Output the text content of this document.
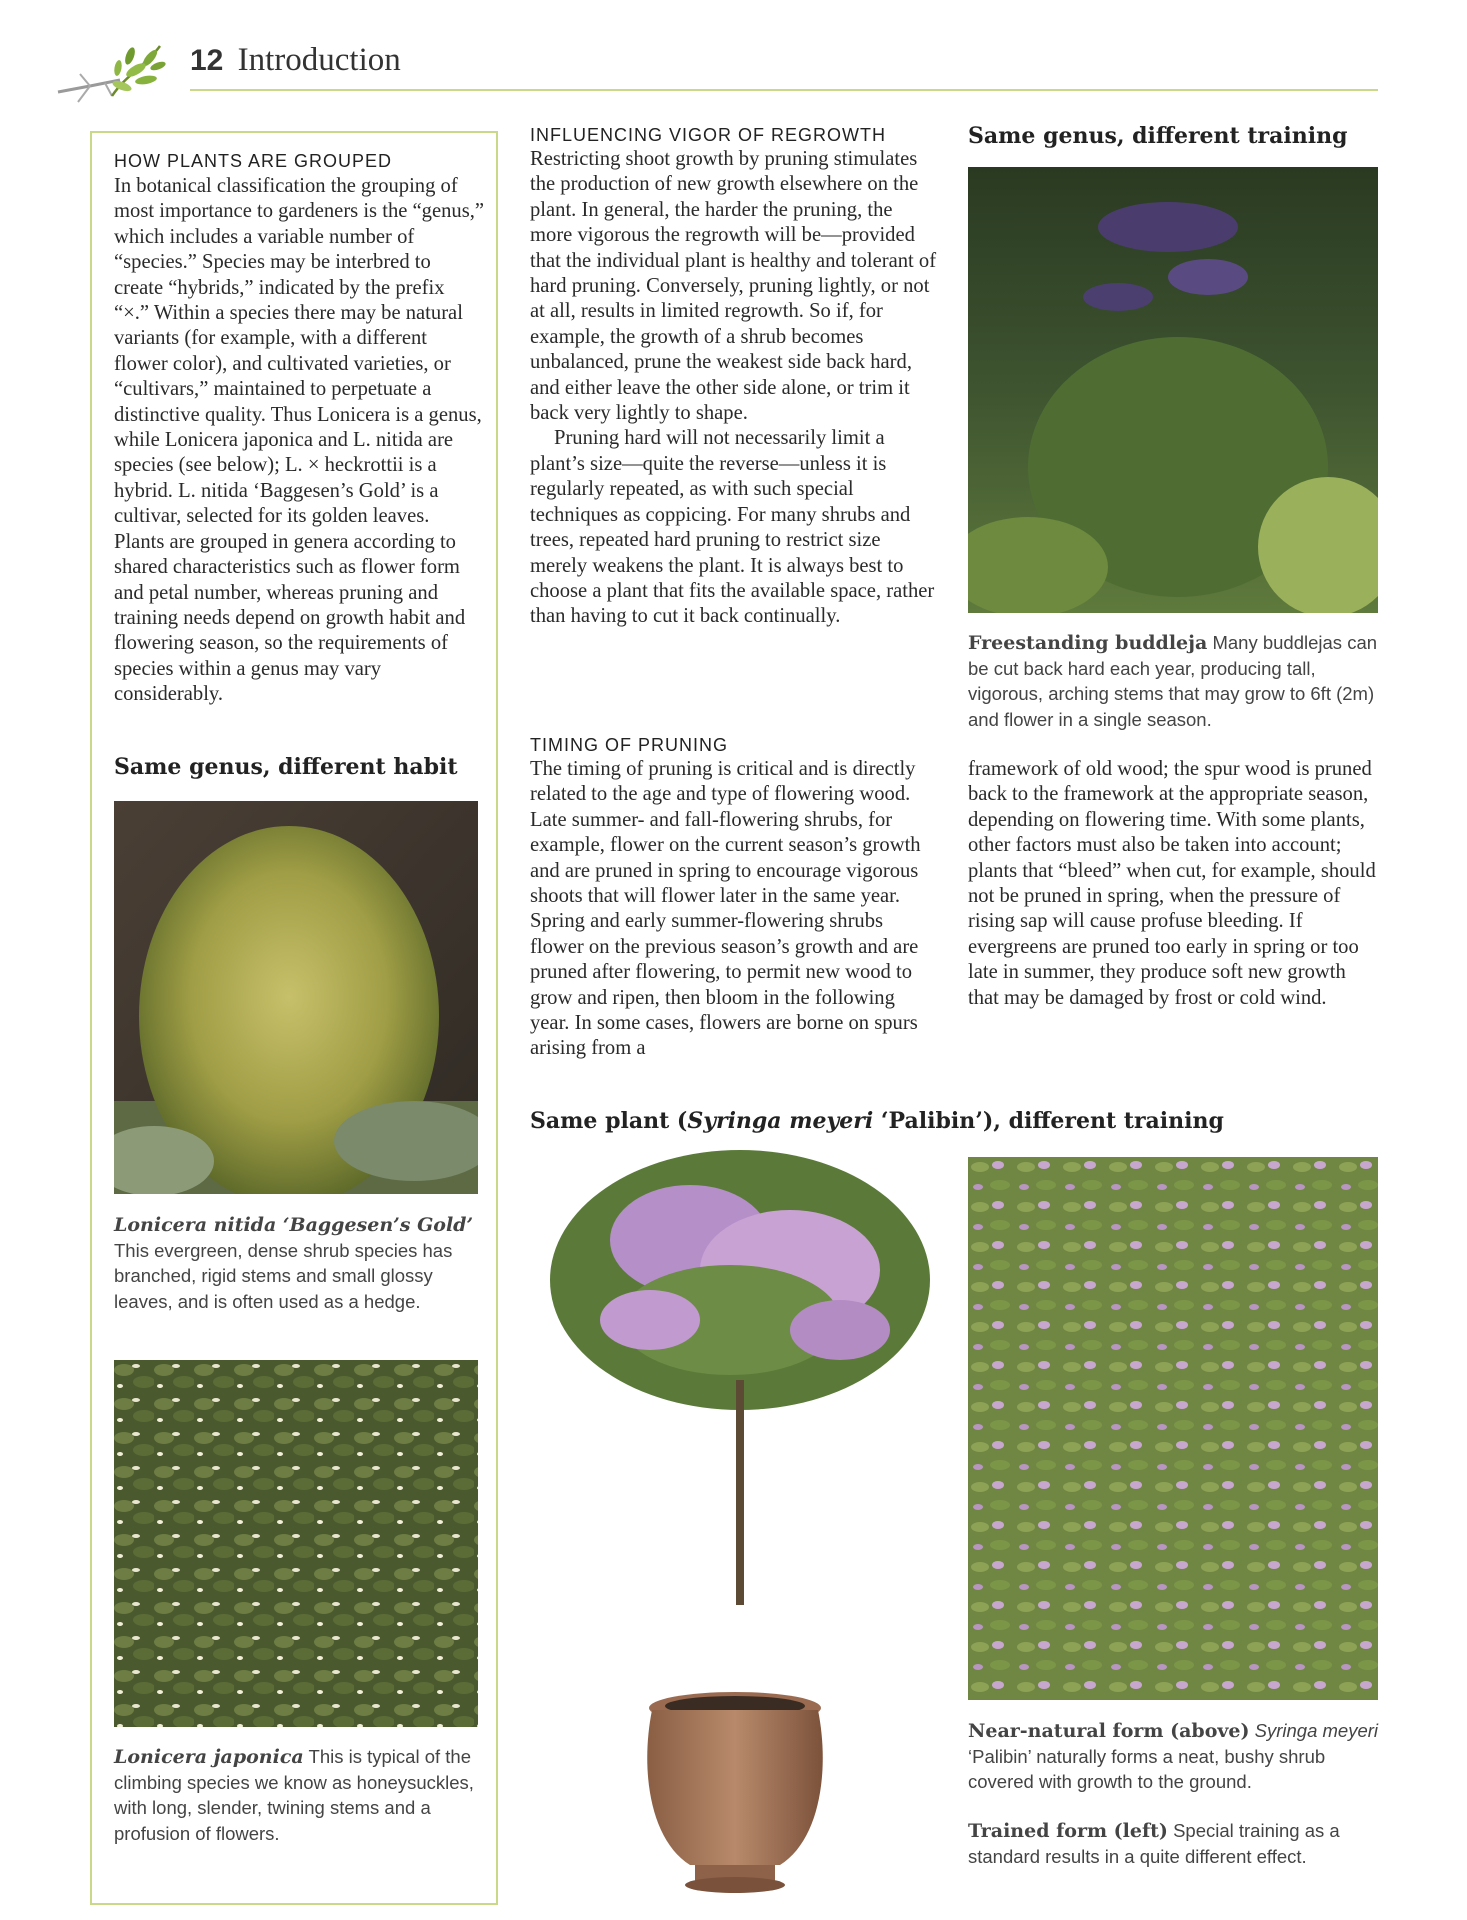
12 Introduction
HOW PLANTS ARE GROUPED

In botanical classification the grouping of most importance to gardeners is the “genus,” which includes a variable number of “species.” Species may be interbred to create “hybrids,” indicated by the prefix “×.” Within a species there may be natural variants (for example, with a different flower color), and cultivated varieties, or “cultivars,” maintained to perpetuate a distinctive quality. Thus Lonicera is a genus, while Lonicera japonica and L. nitida are species (see below); L. × heckrottii is a hybrid. L. nitida ‘Baggesen’s Gold’ is a cultivar, selected for its golden leaves. Plants are grouped in genera according to shared characteristics such as flower form and petal number, whereas pruning and training needs depend on growth habit and flowering season, so the requirements of species within a genus may vary considerably.

Same genus, different habit
Lonicera nitida ‘Baggesen’s Gold’
This evergreen, dense shrub species has branched, rigid stems and small glossy leaves, and is often used as a hedge.
Lonicera japonica This is typical of the climbing species we know as honeysuckles, with long, slender, twining stems and a profusion of flowers.
INFLUENCING VIGOR OF REGROWTH

Restricting shoot growth by pruning stimulates the production of new growth elsewhere on the plant. In general, the harder the pruning, the more vigorous the regrowth will be—provided that the individual plant is healthy and tolerant of hard pruning. Conversely, pruning lightly, or not at all, results in limited regrowth. So if, for example, the growth of a shrub becomes unbalanced, prune the weakest side back hard, and either leave the other side alone, or trim it back very lightly to shape.

Pruning hard will not necessarily limit a plant’s size—quite the reverse—unless it is regularly repeated, as with such special techniques as coppicing. For many shrubs and trees, repeated hard pruning to restrict size merely weakens the plant. It is always best to choose a plant that fits the available space, rather than having to cut it back continually.

TIMING OF PRUNING

The timing of pruning is critical and is directly related to the age and type of flowering wood. Late summer- and fall-flowering shrubs, for example, flower on the current season’s growth and are pruned in spring to encourage vigorous shoots that will flower later in the same year. Spring and early summer-flowering shrubs flower on the previous season’s growth and are pruned after flowering, to permit new wood to grow and ripen, then bloom in the following year. In some cases, flowers are borne on spurs arising from a

Same genus, different training
Freestanding buddleja Many buddlejas can be cut back hard each year, producing tall, vigorous, arching stems that may grow to 6ft (2m) and flower in a single season.

framework of old wood; the spur wood is pruned back to the framework at the appropriate season, depending on flowering time. With some plants, other factors must also be taken into account; plants that “bleed” when cut, for example, should not be pruned in spring, when the pressure of rising sap will cause profuse bleeding. If evergreens are pruned too early in spring or too late in summer, they produce soft new growth that may be damaged by frost or cold wind.

Same plant (Syringa meyeri ‘Palibin’), different training
Near-natural form (above) Syringa meyeri ‘Palibin’ naturally forms a neat, bushy shrub covered with growth to the ground.
Trained form (left) Special training as a standard results in a quite different effect.
